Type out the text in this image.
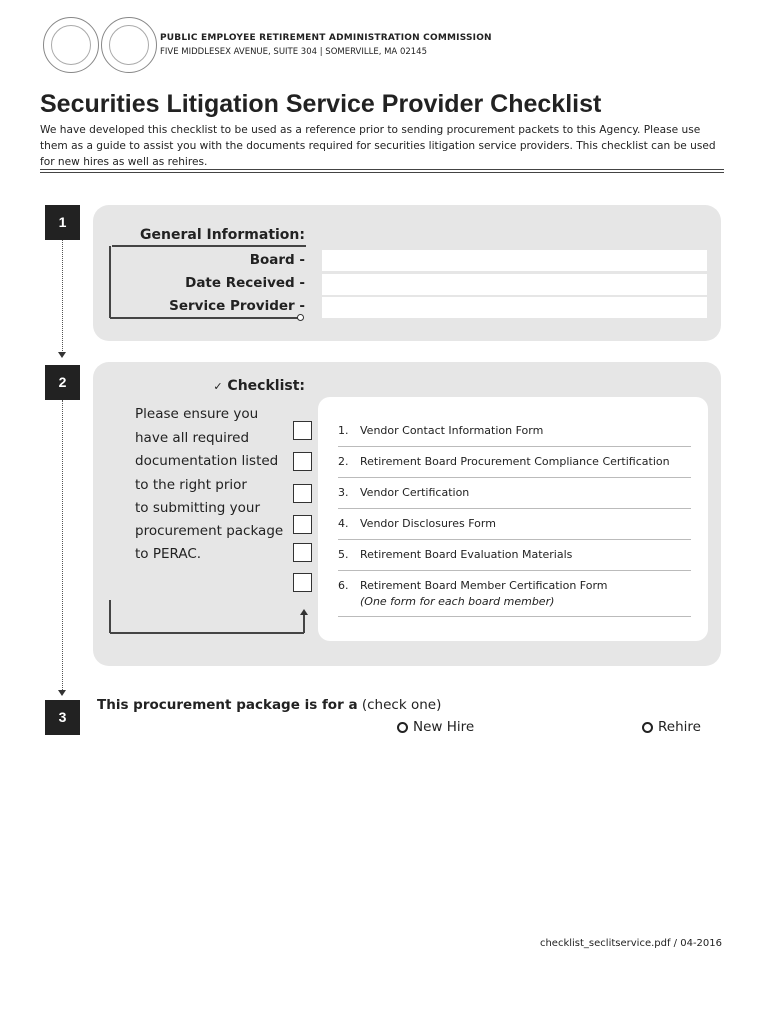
PUBLIC EMPLOYEE RETIREMENT ADMINISTRATION COMMISSION
FIVE MIDDLESEX AVENUE, SUITE 304 | SOMERVILLE, MA 02145
Securities Litigation Service Provider Checklist
We have developed this checklist to be used as a reference prior to sending procurement packets to this Agency. Please use them as a guide to assist you with the documents required for securities litigation service providers. This checklist can be used for new hires as well as rehires.
1
General Information:
Board -
Date Received -
Service Provider -
2	✓ Checklist:
Please ensure you
have all required
documentation listed
to the right prior
to submitting your
procurement package
to PERAC.
1. Vendor Contact Information Form
2. Retirement Board Procurement Compliance Certification
3. Vendor Certification
4. Vendor Disclosures Form
5. Retirement Board Evaluation Materials
6. Retirement Board Member Certification Form
(One form for each board member)
3
This procurement package is for a (check one)
New Hire	Rehire
checklist_seclitservice.pdf / 04-2016
